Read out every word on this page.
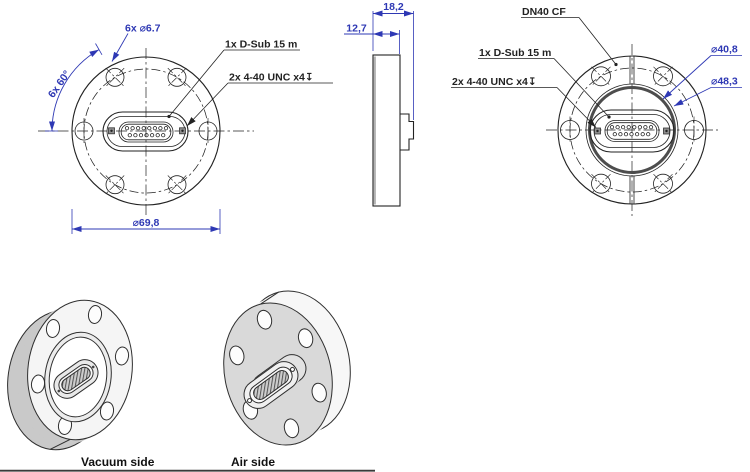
6x ⌀6.7
6x 60°
⌀69,8
1x D-Sub 15 m
2x 4-40 UNC x4↧
18,2
12,7
DN40 CF
1x D-Sub 15 m
2x 4-40 UNC x4↧
⌀40,8
⌀48,3
Vacuum side	Air side
